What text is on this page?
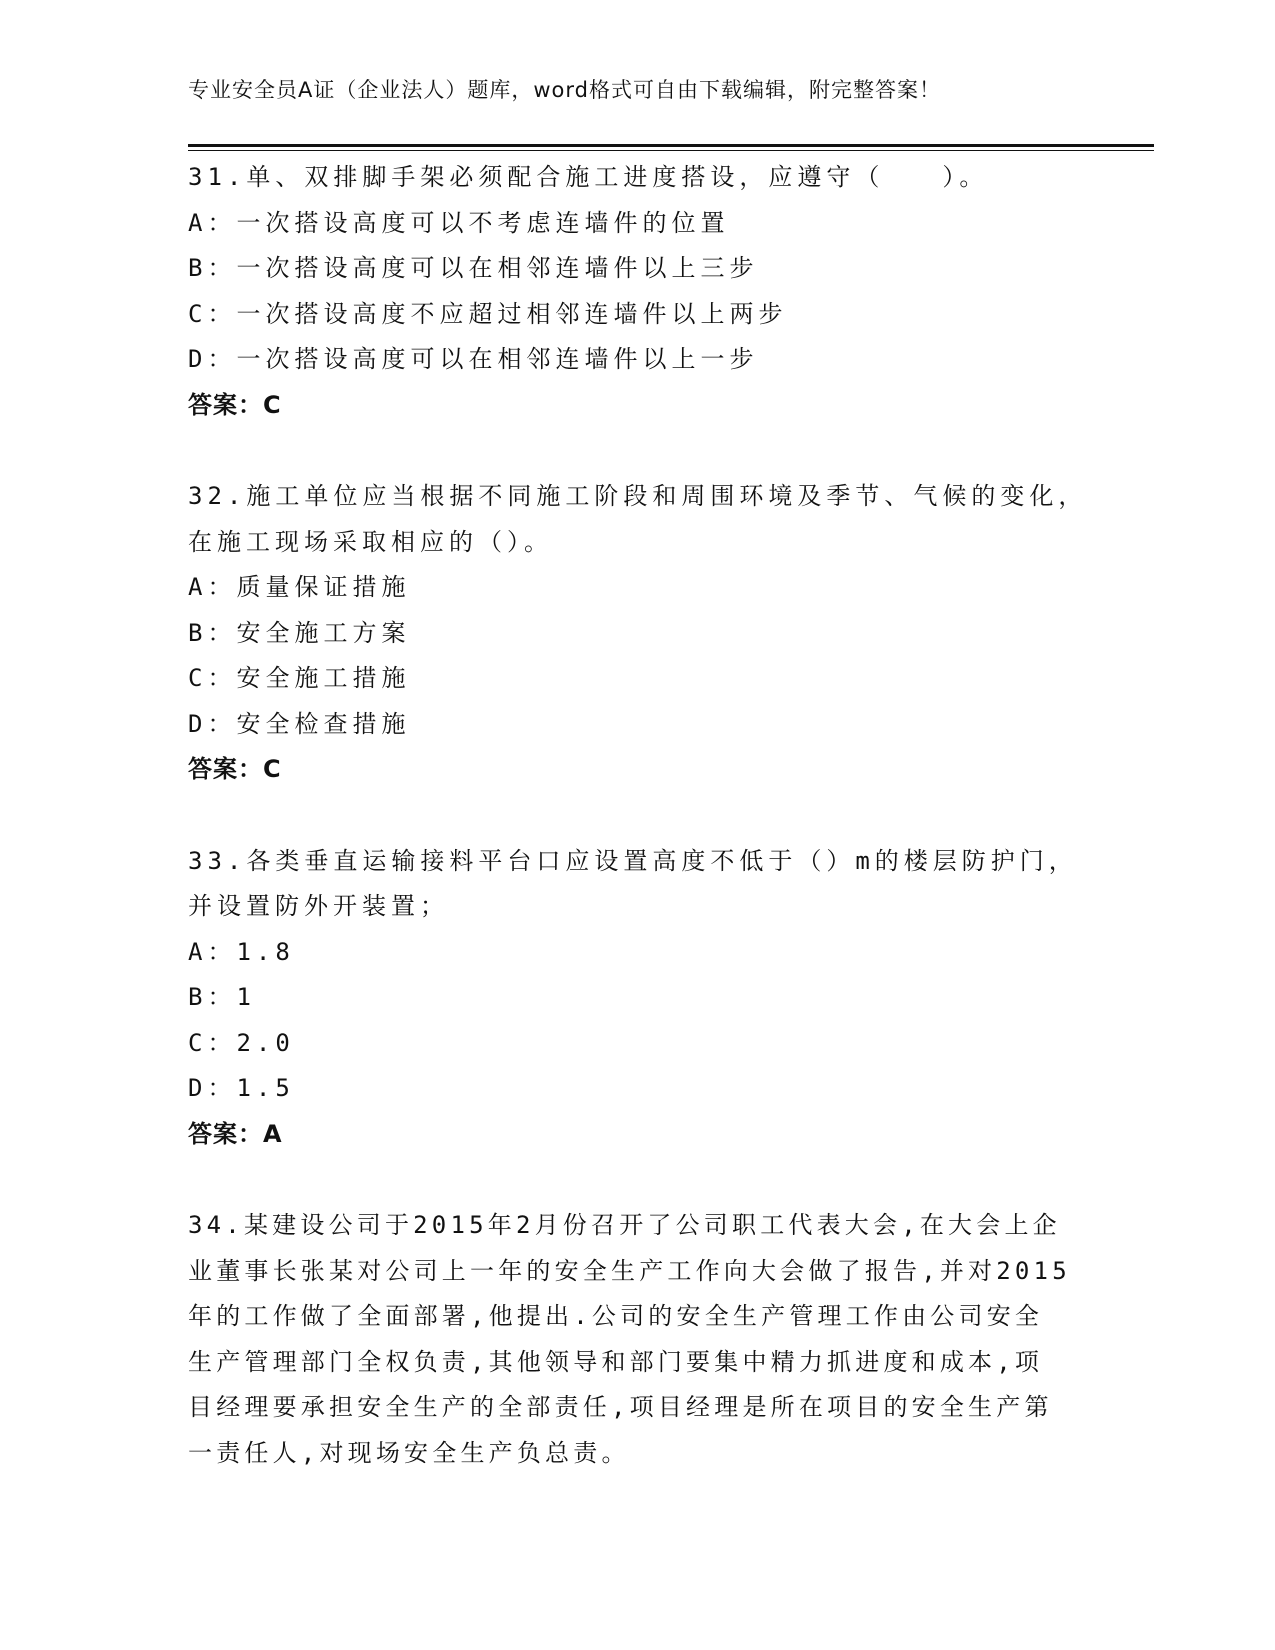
专业安全员A证（企业法人）题库，word格式可自由下载编辑，附完整答案！
31.单、双排脚手架必须配合施工进度搭设，应遵守（　　）。
A：一次搭设高度可以不考虑连墙件的位置
B：一次搭设高度可以在相邻连墙件以上三步
C：一次搭设高度不应超过相邻连墙件以上两步
D：一次搭设高度可以在相邻连墙件以上一步
答案：C
32.施工单位应当根据不同施工阶段和周围环境及季节、气候的变化，
在施工现场采取相应的（）。
A：质量保证措施
B：安全施工方案
C：安全施工措施
D：安全检查措施
答案：C
33.各类垂直运输接料平台口应设置高度不低于（）m的楼层防护门，
并设置防外开装置；
A：1.8
B：1
C：2.0
D：1.5
答案：A
34.某建设公司于2015年2月份召开了公司职工代表大会,在大会上企
业董事长张某对公司上一年的安全生产工作向大会做了报告,并对2015
年的工作做了全面部署,他提出.公司的安全生产管理工作由公司安全
生产管理部门全权负责,其他领导和部门要集中精力抓进度和成本,项
目经理要承担安全生产的全部责任,项目经理是所在项目的安全生产第
一责任人,对现场安全生产负总责。
